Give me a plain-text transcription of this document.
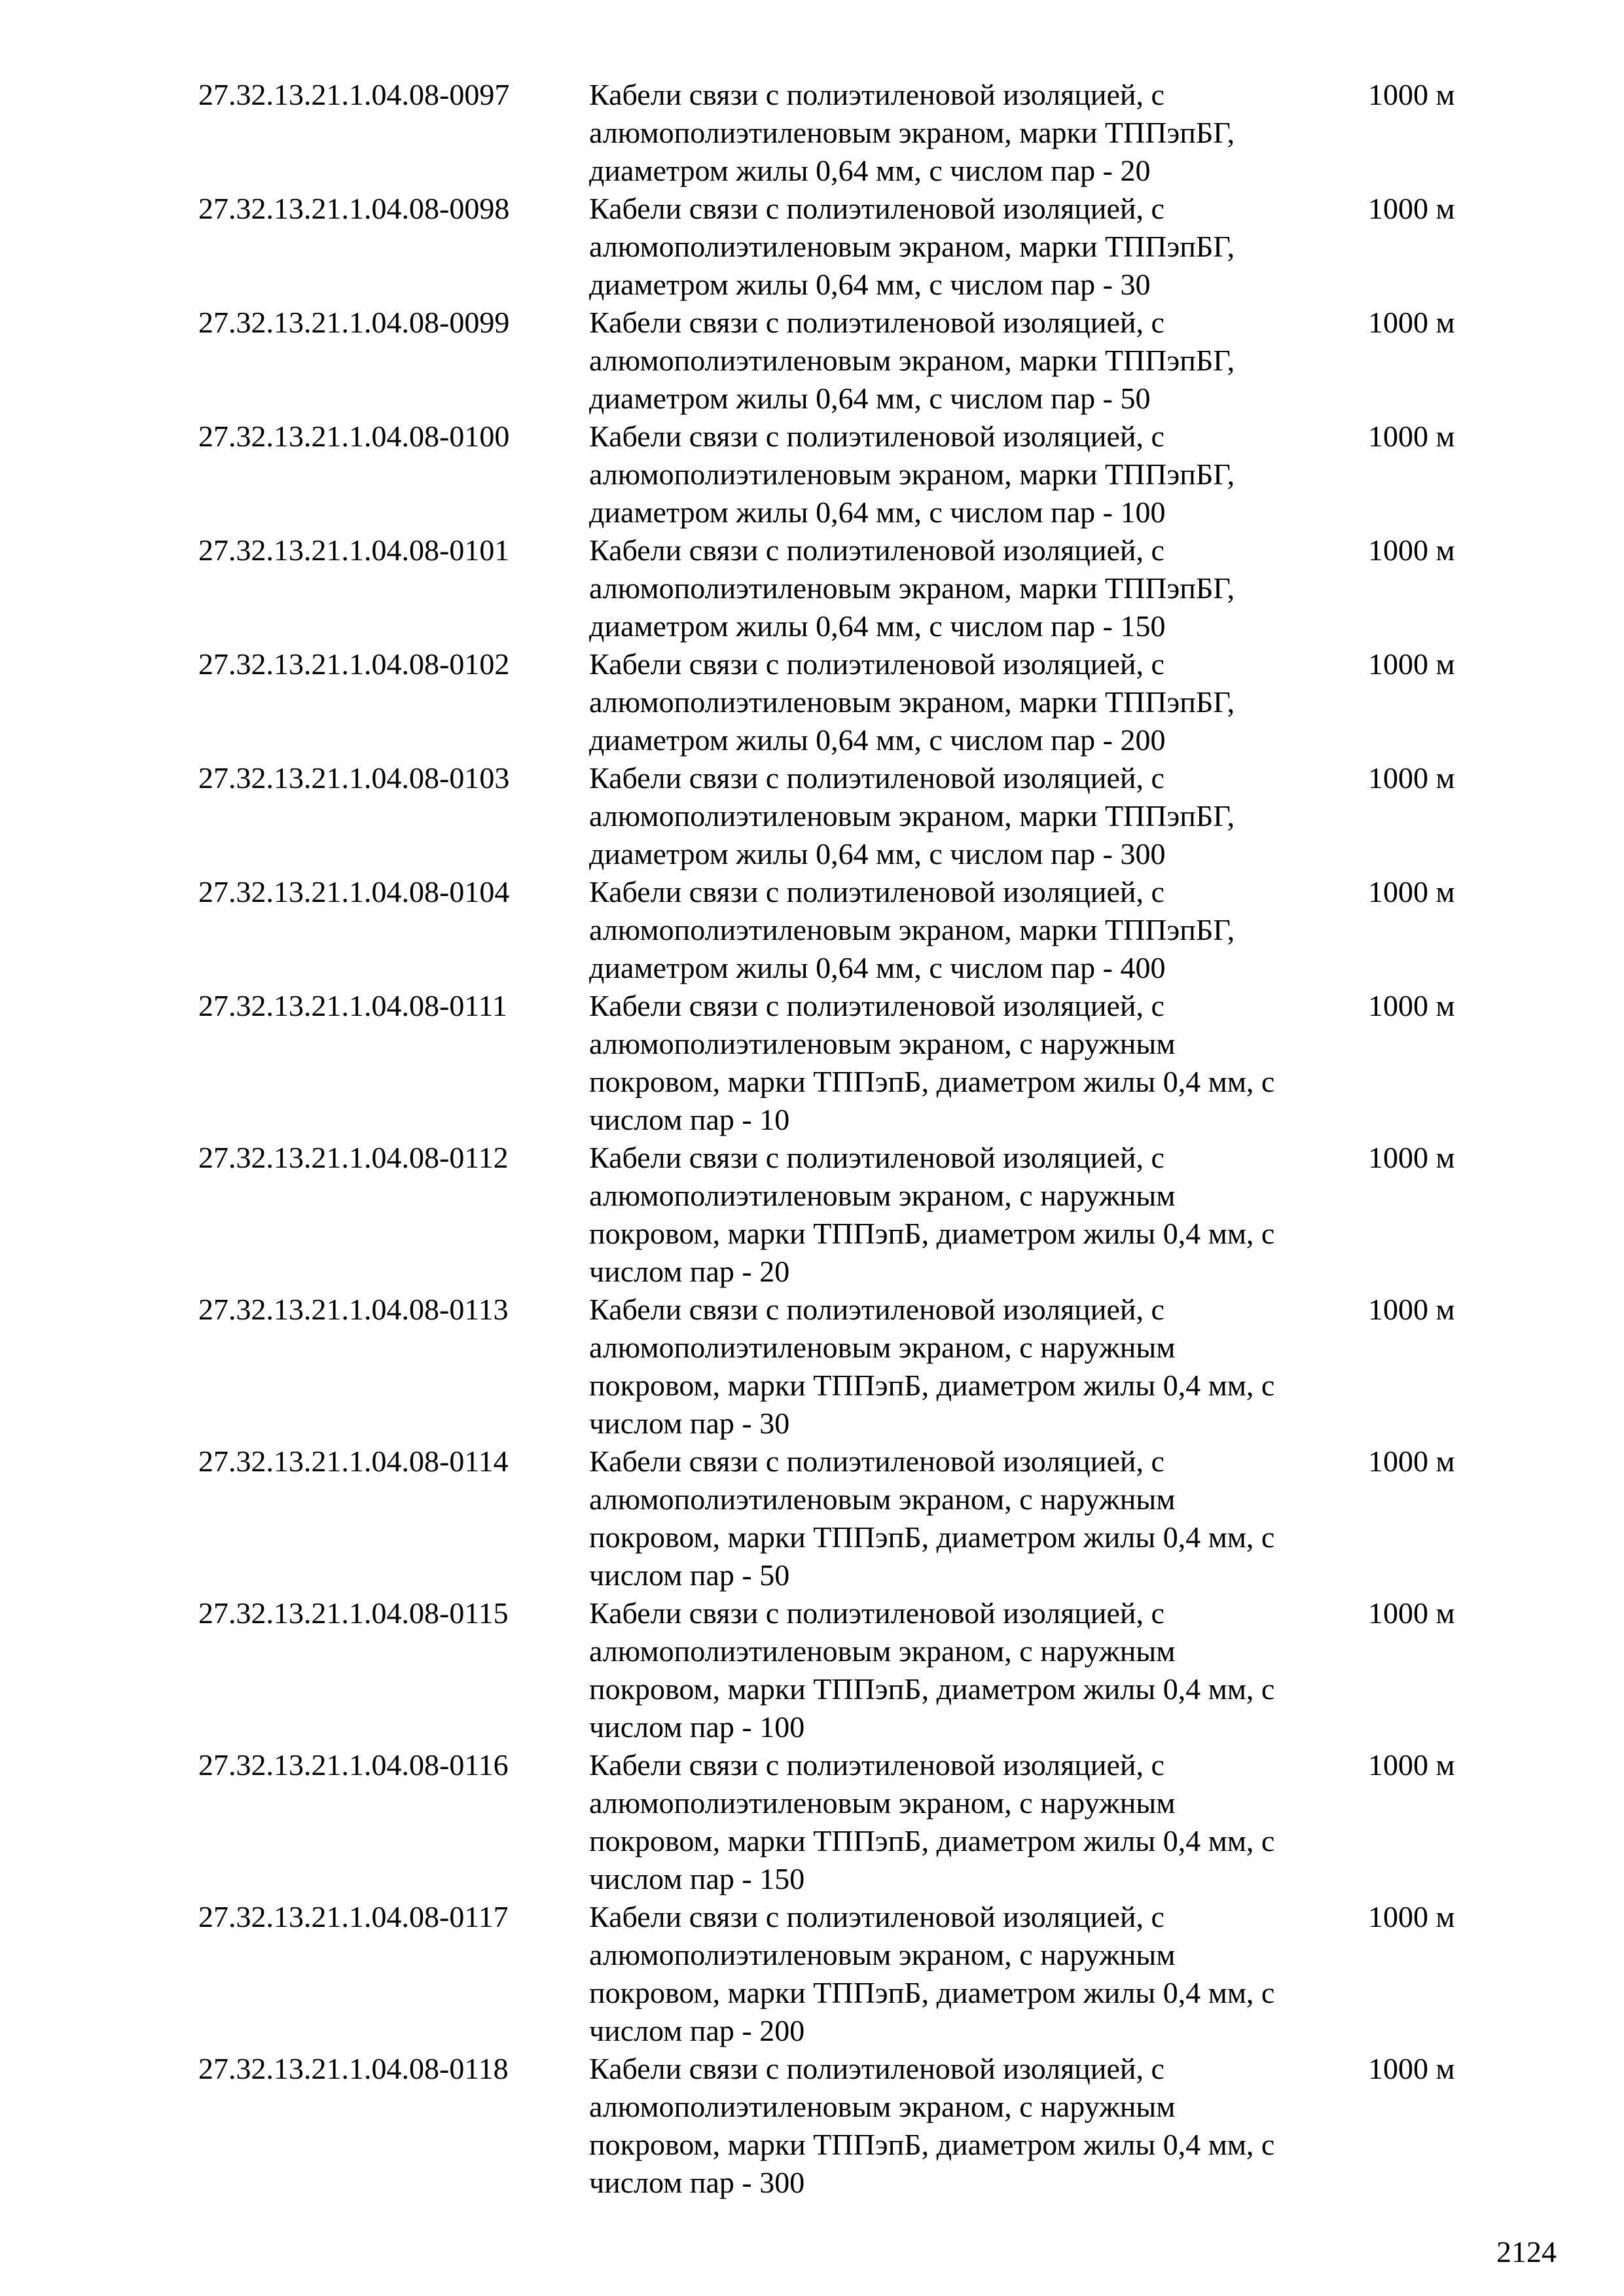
27.32.13.21.1.04.08-0097	Кабели связи с полиэтиленовой изоляцией, с
алюмополиэтиленовым экраном, марки ТППэпБГ,
диаметром жилы 0,64 мм, с числом пар - 20
1000 м
27.32.13.21.1.04.08-0098	Кабели связи с полиэтиленовой изоляцией, с
алюмополиэтиленовым экраном, марки ТППэпБГ,
диаметром жилы 0,64 мм, с числом пар - 30
1000 м
27.32.13.21.1.04.08-0099	Кабели связи с полиэтиленовой изоляцией, с
алюмополиэтиленовым экраном, марки ТППэпБГ,
диаметром жилы 0,64 мм, с числом пар - 50
1000 м
27.32.13.21.1.04.08-0100	Кабели связи с полиэтиленовой изоляцией, с
алюмополиэтиленовым экраном, марки ТППэпБГ,
диаметром жилы 0,64 мм, с числом пар - 100
1000 м
27.32.13.21.1.04.08-0101	Кабели связи с полиэтиленовой изоляцией, с
алюмополиэтиленовым экраном, марки ТППэпБГ,
диаметром жилы 0,64 мм, с числом пар - 150
1000 м
27.32.13.21.1.04.08-0102	Кабели связи с полиэтиленовой изоляцией, с
алюмополиэтиленовым экраном, марки ТППэпБГ,
диаметром жилы 0,64 мм, с числом пар - 200
1000 м
27.32.13.21.1.04.08-0103	Кабели связи с полиэтиленовой изоляцией, с
алюмополиэтиленовым экраном, марки ТППэпБГ,
диаметром жилы 0,64 мм, с числом пар - 300
1000 м
27.32.13.21.1.04.08-0104	Кабели связи с полиэтиленовой изоляцией, с
алюмополиэтиленовым экраном, марки ТППэпБГ,
диаметром жилы 0,64 мм, с числом пар - 400
1000 м
27.32.13.21.1.04.08-0111	Кабели связи с полиэтиленовой изоляцией, с
алюмополиэтиленовым экраном, с наружным
покровом, марки ТППэпБ, диаметром жилы 0,4 мм, с
числом пар - 10
1000 м
27.32.13.21.1.04.08-0112	Кабели связи с полиэтиленовой изоляцией, с
алюмополиэтиленовым экраном, с наружным
покровом, марки ТППэпБ, диаметром жилы 0,4 мм, с
числом пар - 20
1000 м
27.32.13.21.1.04.08-0113	Кабели связи с полиэтиленовой изоляцией, с
алюмополиэтиленовым экраном, с наружным
покровом, марки ТППэпБ, диаметром жилы 0,4 мм, с
числом пар - 30
1000 м
27.32.13.21.1.04.08-0114	Кабели связи с полиэтиленовой изоляцией, с
алюмополиэтиленовым экраном, с наружным
покровом, марки ТППэпБ, диаметром жилы 0,4 мм, с
числом пар - 50
1000 м
27.32.13.21.1.04.08-0115	Кабели связи с полиэтиленовой изоляцией, с
алюмополиэтиленовым экраном, с наружным
покровом, марки ТППэпБ, диаметром жилы 0,4 мм, с
числом пар - 100
1000 м
27.32.13.21.1.04.08-0116	Кабели связи с полиэтиленовой изоляцией, с
алюмополиэтиленовым экраном, с наружным
покровом, марки ТППэпБ, диаметром жилы 0,4 мм, с
числом пар - 150
1000 м
27.32.13.21.1.04.08-0117	Кабели связи с полиэтиленовой изоляцией, с
алюмополиэтиленовым экраном, с наружным
покровом, марки ТППэпБ, диаметром жилы 0,4 мм, с
числом пар - 200
1000 м
27.32.13.21.1.04.08-0118	Кабели связи с полиэтиленовой изоляцией, с
алюмополиэтиленовым экраном, с наружным
покровом, марки ТППэпБ, диаметром жилы 0,4 мм, с
числом пар - 300
1000 м
2124
